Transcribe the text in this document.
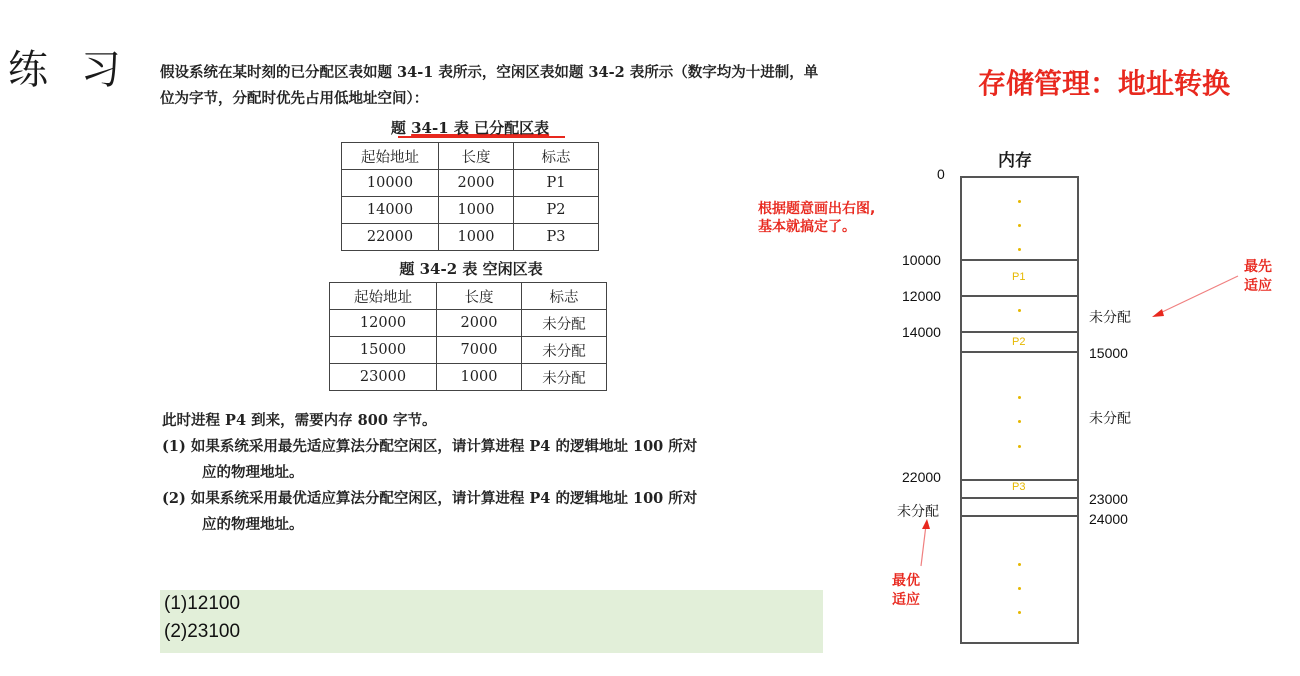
练 习	存储管理：地址转换
假设系统在某时刻的已分配区表如题 34-1 表所示，空闲区表如题 34-2 表所示（数字均为十进制，单位为字节，分配时优先占用低地址空间）：
题 34-1 表 已分配区表
起始地址	长度	标志
10000	2000	P1
14000	1000	P2
22000	1000	P3
题 34-2 表 空闲区表
起始地址	长度	标志
12000	2000	未分配
15000	7000	未分配
23000	1000	未分配
此时进程 P4 到来，需要内存 800 字节。
(1) 如果系统采用最先适应算法分配空闲区，请计算进程 P4 的逻辑地址 100 所对
应的物理地址。
(2) 如果系统采用最优适应算法分配空闲区，请计算进程 P4 的逻辑地址 100 所对
应的物理地址。
(1)12100
(2)23100
内存
根据题意画出右图,
基本就搞定了。
0
10000
12000
14000
22000
未分配
未分配
15000
未分配
23000
24000
P1
P2
P3
最先
适应
最优
适应
